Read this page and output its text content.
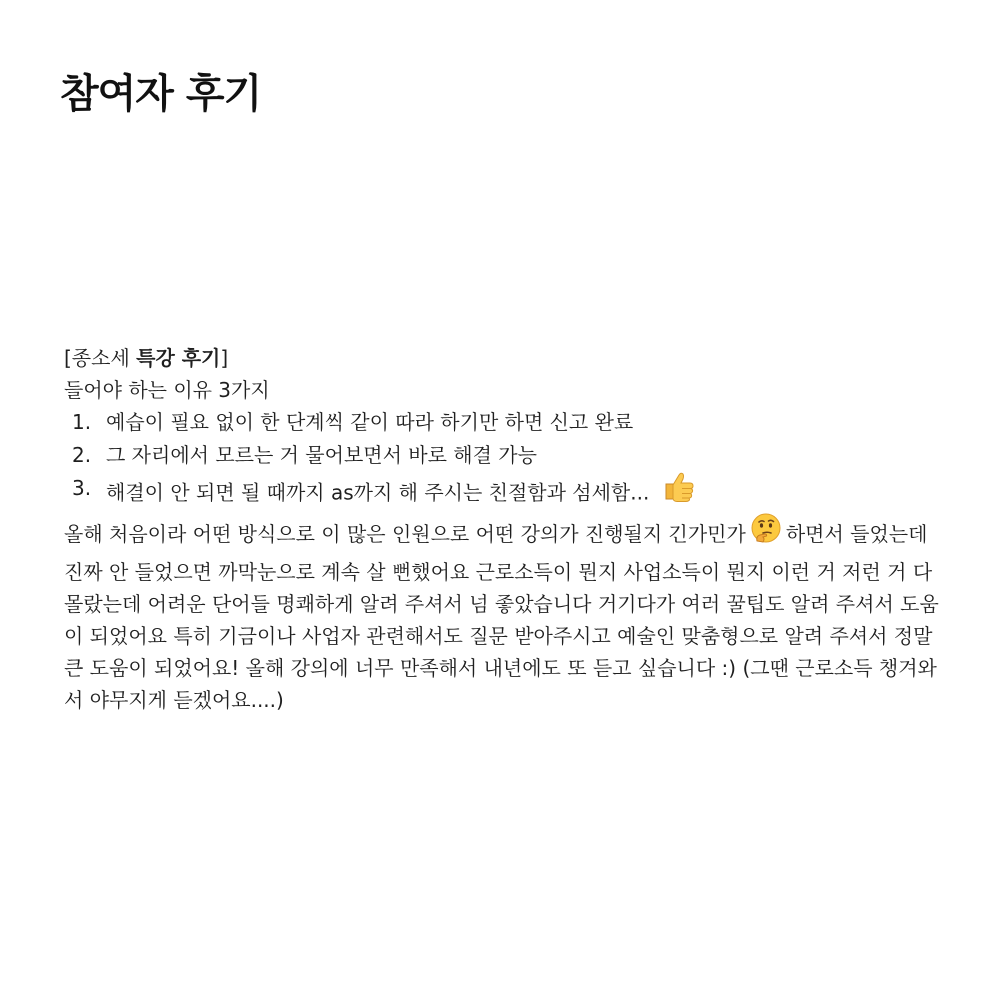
참여자 후기

[종소세 특강 후기]

들어야 하는 이유 3가지

1. 예습이 필요 없이 한 단계씩 같이 따라 하기만 하면 신고 완료
2. 그 자리에서 모르는 거 물어보면서 바로 해결 가능
3. 해결이 안 되면 될 때까지 as까지 해 주시는 친절함과 섬세함...

올해 처음이라 어떤 방식으로 이 많은 인원으로 어떤 강의가 진행될지 긴가민가 하면서 들었는데 진짜 안 들었으면 까막눈으로 계속 살 뻔했어요 근로소득이 뭔지 사업소득이 뭔지 이런 거 저런 거 다 몰랐는데 어려운 단어들 명쾌하게 알려 주셔서 넘 좋았습니다 거기다가 여러 꿀팁도 알려 주셔서 도움이 되었어요 특히 기금이나 사업자 관련해서도 질문 받아주시고 예술인 맞춤형으로 알려 주셔서 정말 큰 도움이 되었어요! 올해 강의에 너무 만족해서 내년에도 또 듣고 싶습니다 :) (그땐 근로소득 챙겨와서 야무지게 듣겠어요....)
